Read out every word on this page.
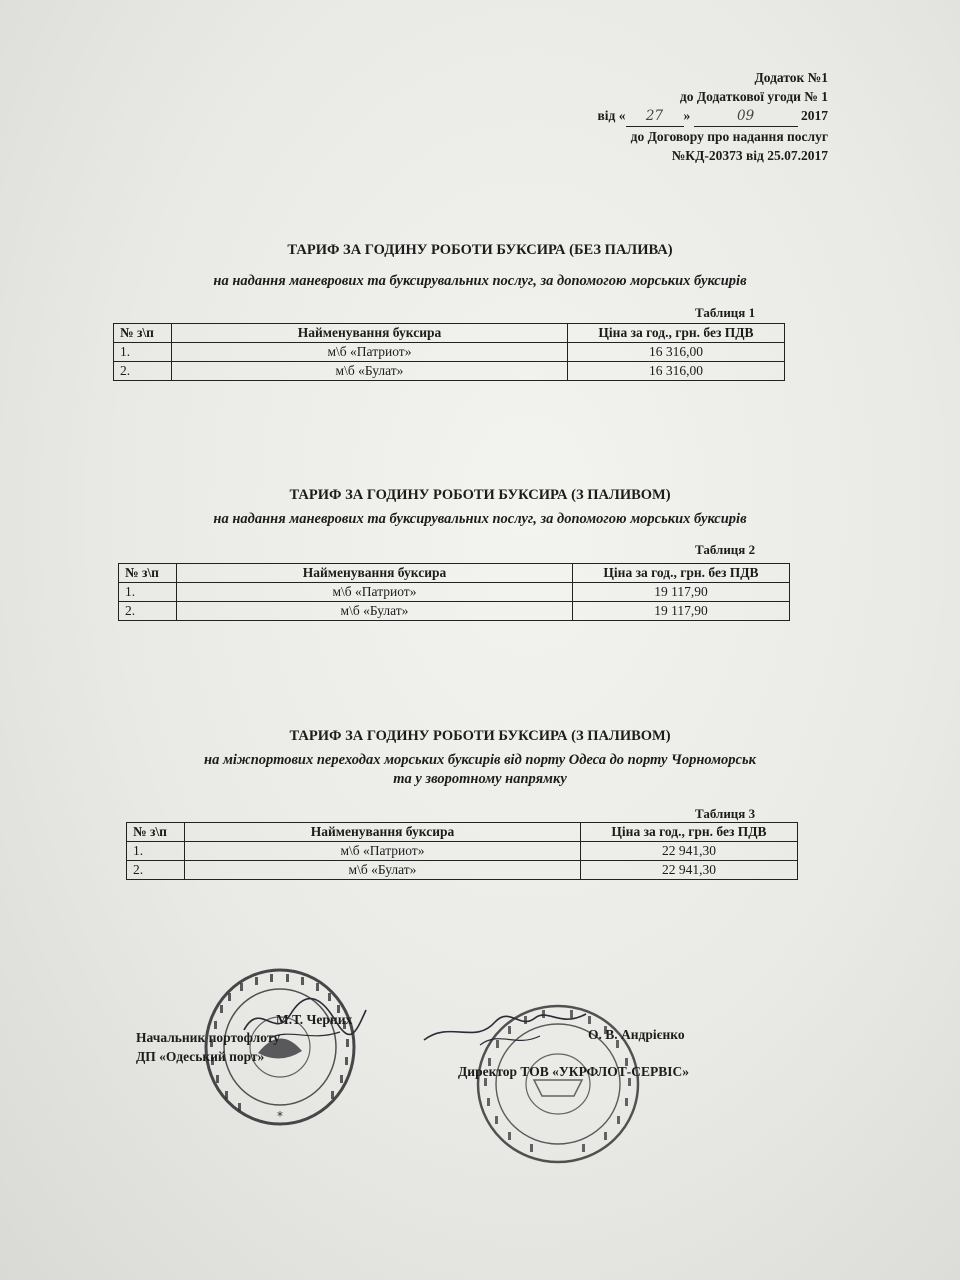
Додаток №1
до Додаткової угоди № 1
від « 27 »	09	2017
до Договору про надання послуг
№КД-20373 від 25.07.2017
ТАРИФ ЗА ГОДИНУ РОБОТИ БУКСИРА (БЕЗ ПАЛИВА)
на надання маневрових та буксирувальних послуг, за допомогою морських буксирів
Таблиця 1
№ з\п	Найменування буксира	Ціна за год., грн. без ПДВ
1.	м\б «Патриот»	16 316,00
2.	м\б «Булат»	16 316,00
ТАРИФ ЗА ГОДИНУ РОБОТИ БУКСИРА (З ПАЛИВОМ)
на надання маневрових та буксирувальних послуг, за допомогою морських буксирів
Таблиця 2
№ з\п	Найменування буксира	Ціна за год., грн. без ПДВ
1.	м\б «Патриот»	19 117,90
2.	м\б «Булат»	19 117,90
ТАРИФ ЗА ГОДИНУ РОБОТИ БУКСИРА (З ПАЛИВОМ)
на міжпортових переходах морських буксирів від порту Одеса до порту Чорноморськ
та у зворотному напрямку
Таблиця 3
№ з\п	Найменування буксира	Ціна за год., грн. без ПДВ
1.	м\б «Патриот»	22 941,30
2.	м\б «Булат»	22 941,30
*
М.Т. Черних
Начальник портофлоту
ДП «Одеський порт»
О. В. Андрієнко
Директор ТОВ «УКРФЛОТ-СЕРВІС»
